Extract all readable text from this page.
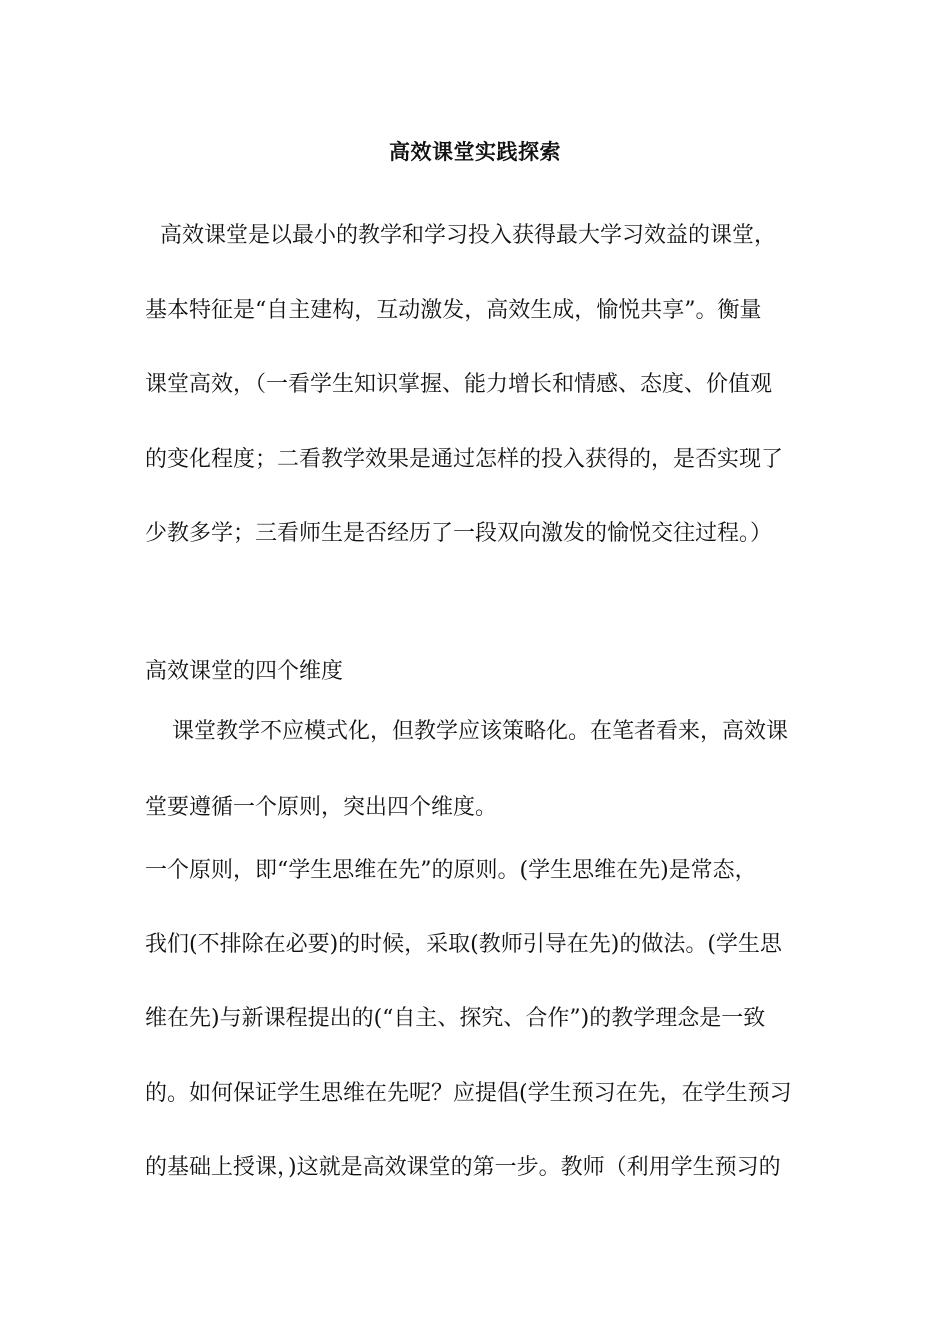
高效课堂实践探索
高效课堂是以最小的教学和学习投入获得最大学习效益的课堂，
基本特征是“自主建构，互动激发，高效生成，愉悦共享”。衡量
课堂高效，（一看学生知识掌握、能力增长和情感、态度、价值观
的变化程度；二看教学效果是通过怎样的投入获得的，是否实现了
少教多学；三看师生是否经历了一段双向激发的愉悦交往过程。）
高效课堂的四个维度
课堂教学不应模式化，但教学应该策略化。在笔者看来，高效课
堂要遵循一个原则，突出四个维度。
一个原则，即“学生思维在先”的原则。(学生思维在先)是常态，
我们(不排除在必要)的时候，采取(教师引导在先)的做法。(学生思
维在先)与新课程提出的(“自主、探究、合作”)的教学理念是一致
的。如何保证学生思维在先呢？应提倡(学生预习在先，在学生预习
的基础上授课，)这就是高效课堂的第一步。教师（利用学生预习的
